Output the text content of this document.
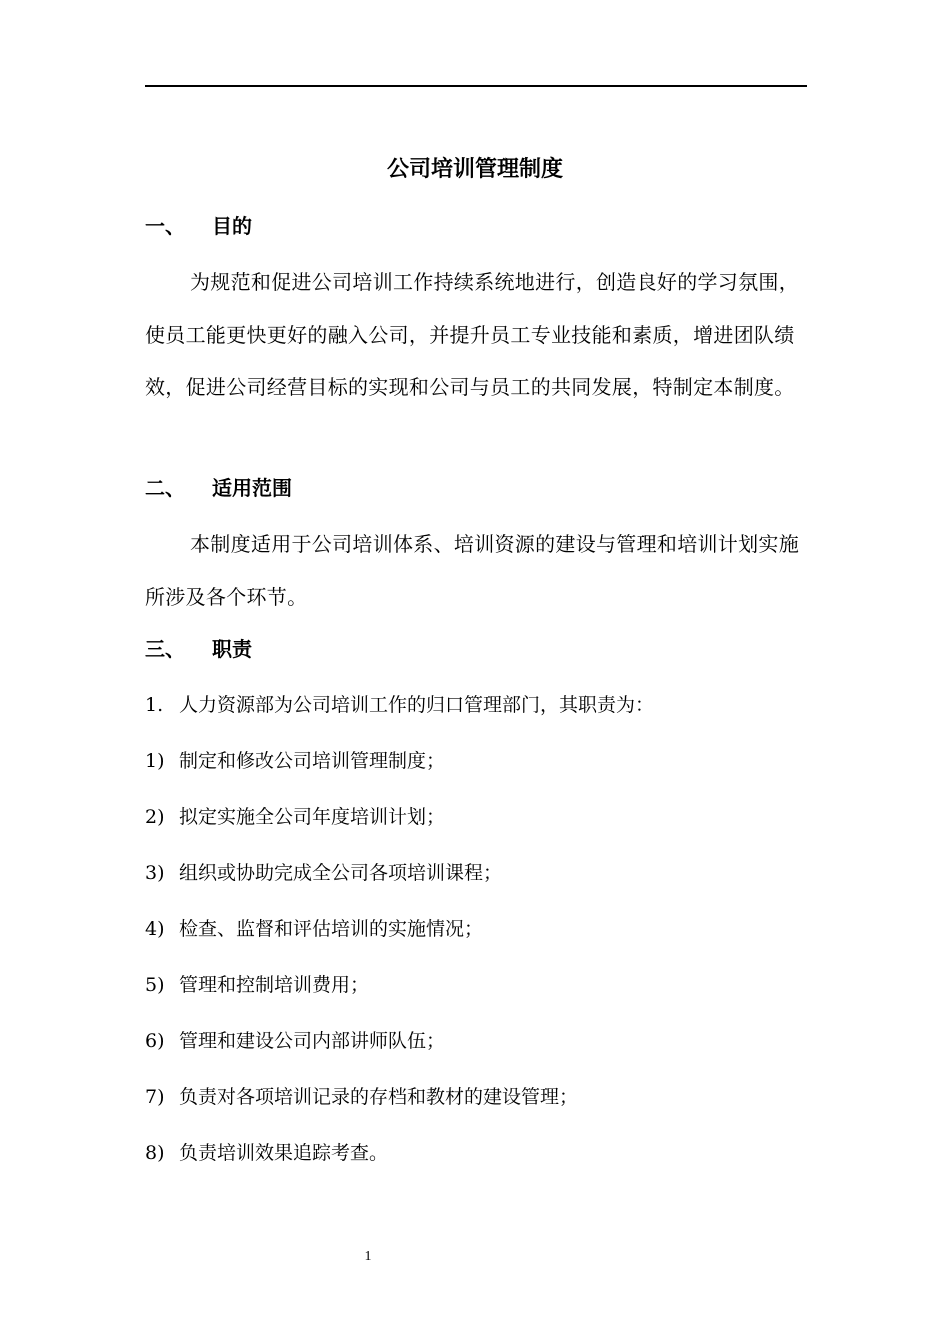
公司培训管理制度
一、 目的
为规范和促进公司培训工作持续系统地进行，创造良好的学习氛围，使员工能更快更好的融入公司，并提升员工专业技能和素质，增进团队绩效，促进公司经营目标的实现和公司与员工的共同发展，特制定本制度。
二、 适用范围
本制度适用于公司培训体系、培训资源的建设与管理和培训计划实施所涉及各个环节。
三、 职责
1. 人力资源部为公司培训工作的归口管理部门，其职责为：
1) 制定和修改公司培训管理制度；
2) 拟定实施全公司年度培训计划；
3) 组织或协助完成全公司各项培训课程；
4) 检查、监督和评估培训的实施情况；
5) 管理和控制培训费用；
6) 管理和建设公司内部讲师队伍；
7) 负责对各项培训记录的存档和教材的建设管理；
8) 负责培训效果追踪考查。
1
